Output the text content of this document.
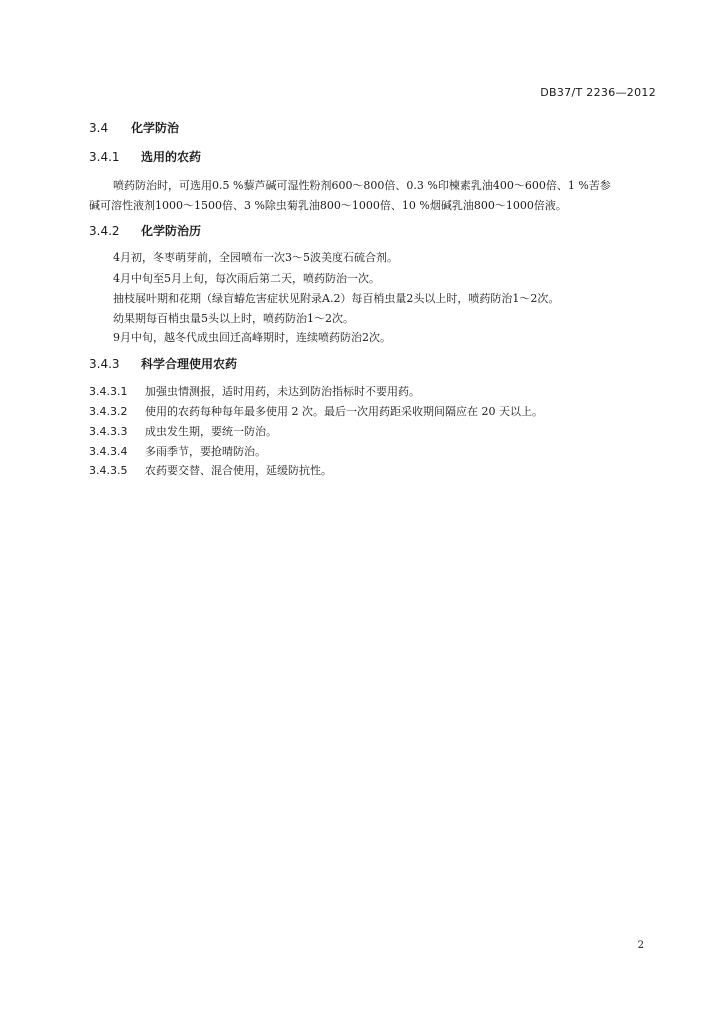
DB37/T 2236—2012
3.4 化学防治
3.4.1 选用的农药
喷药防治时，可选用0.5 %藜芦碱可湿性粉剂600～800倍、0.3 %印楝素乳油400～600倍、1 %苦参
碱可溶性液剂1000～1500倍、3 %除虫菊乳油800～1000倍、10 %烟碱乳油800～1000倍液。
3.4.2 化学防治历
4月初，冬枣萌芽前，全园喷布一次3～5波美度石硫合剂。
4月中旬至5月上旬，每次雨后第二天，喷药防治一次。
抽枝展叶期和花期（绿盲蝽危害症状见附录A.2）每百梢虫量2头以上时，喷药防治1～2次。
幼果期每百梢虫量5头以上时，喷药防治1～2次。
9月中旬，越冬代成虫回迁高峰期时，连续喷药防治2次。
3.4.3 科学合理使用农药
3.4.3.1 加强虫情测报，适时用药，未达到防治指标时不要用药。
3.4.3.2 使用的农药每种每年最多使用 2 次。最后一次用药距采收期间隔应在 20 天以上。
3.4.3.3 成虫发生期，要统一防治。
3.4.3.4 多雨季节，要抢晴防治。
3.4.3.5 农药要交替、混合使用，延缓防抗性。
2
